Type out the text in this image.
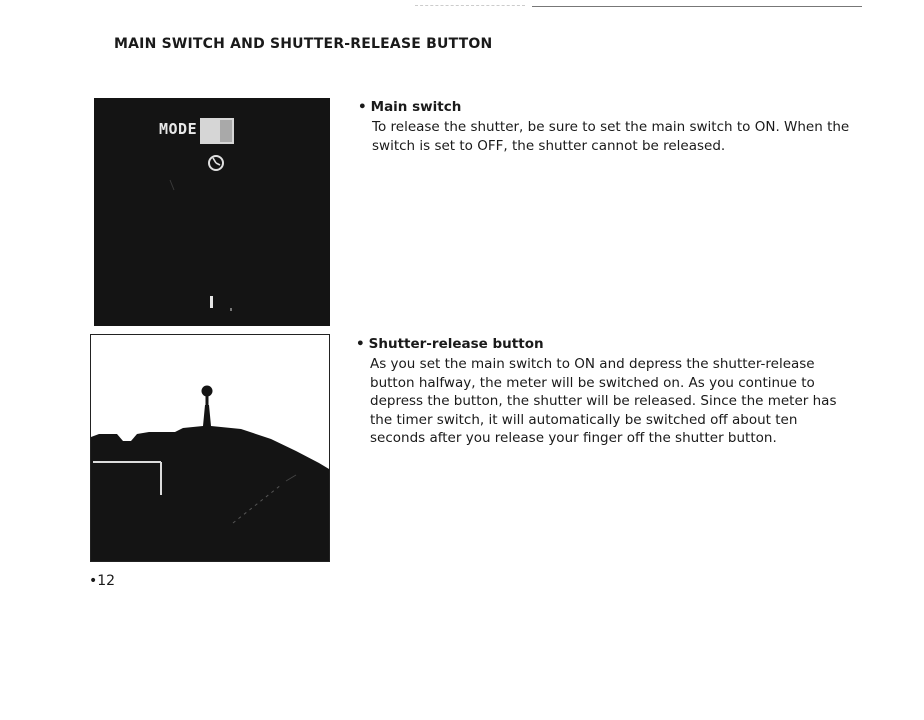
MAIN SWITCH AND SHUTTER-RELEASE BUTTON
MODE
• Main switch

To release the shutter, be sure to set the main switch to ON. When the switch is set to OFF, the shutter cannot be released.

• Shutter-release button

As you set the main switch to ON and depress the shutter-release button halfway, the meter will be switched on. As you continue to depress the button, the shutter will be released. Since the meter has the timer switch, it will automatically be switched off about ten seconds after you release your finger off the shutter button.

•12
